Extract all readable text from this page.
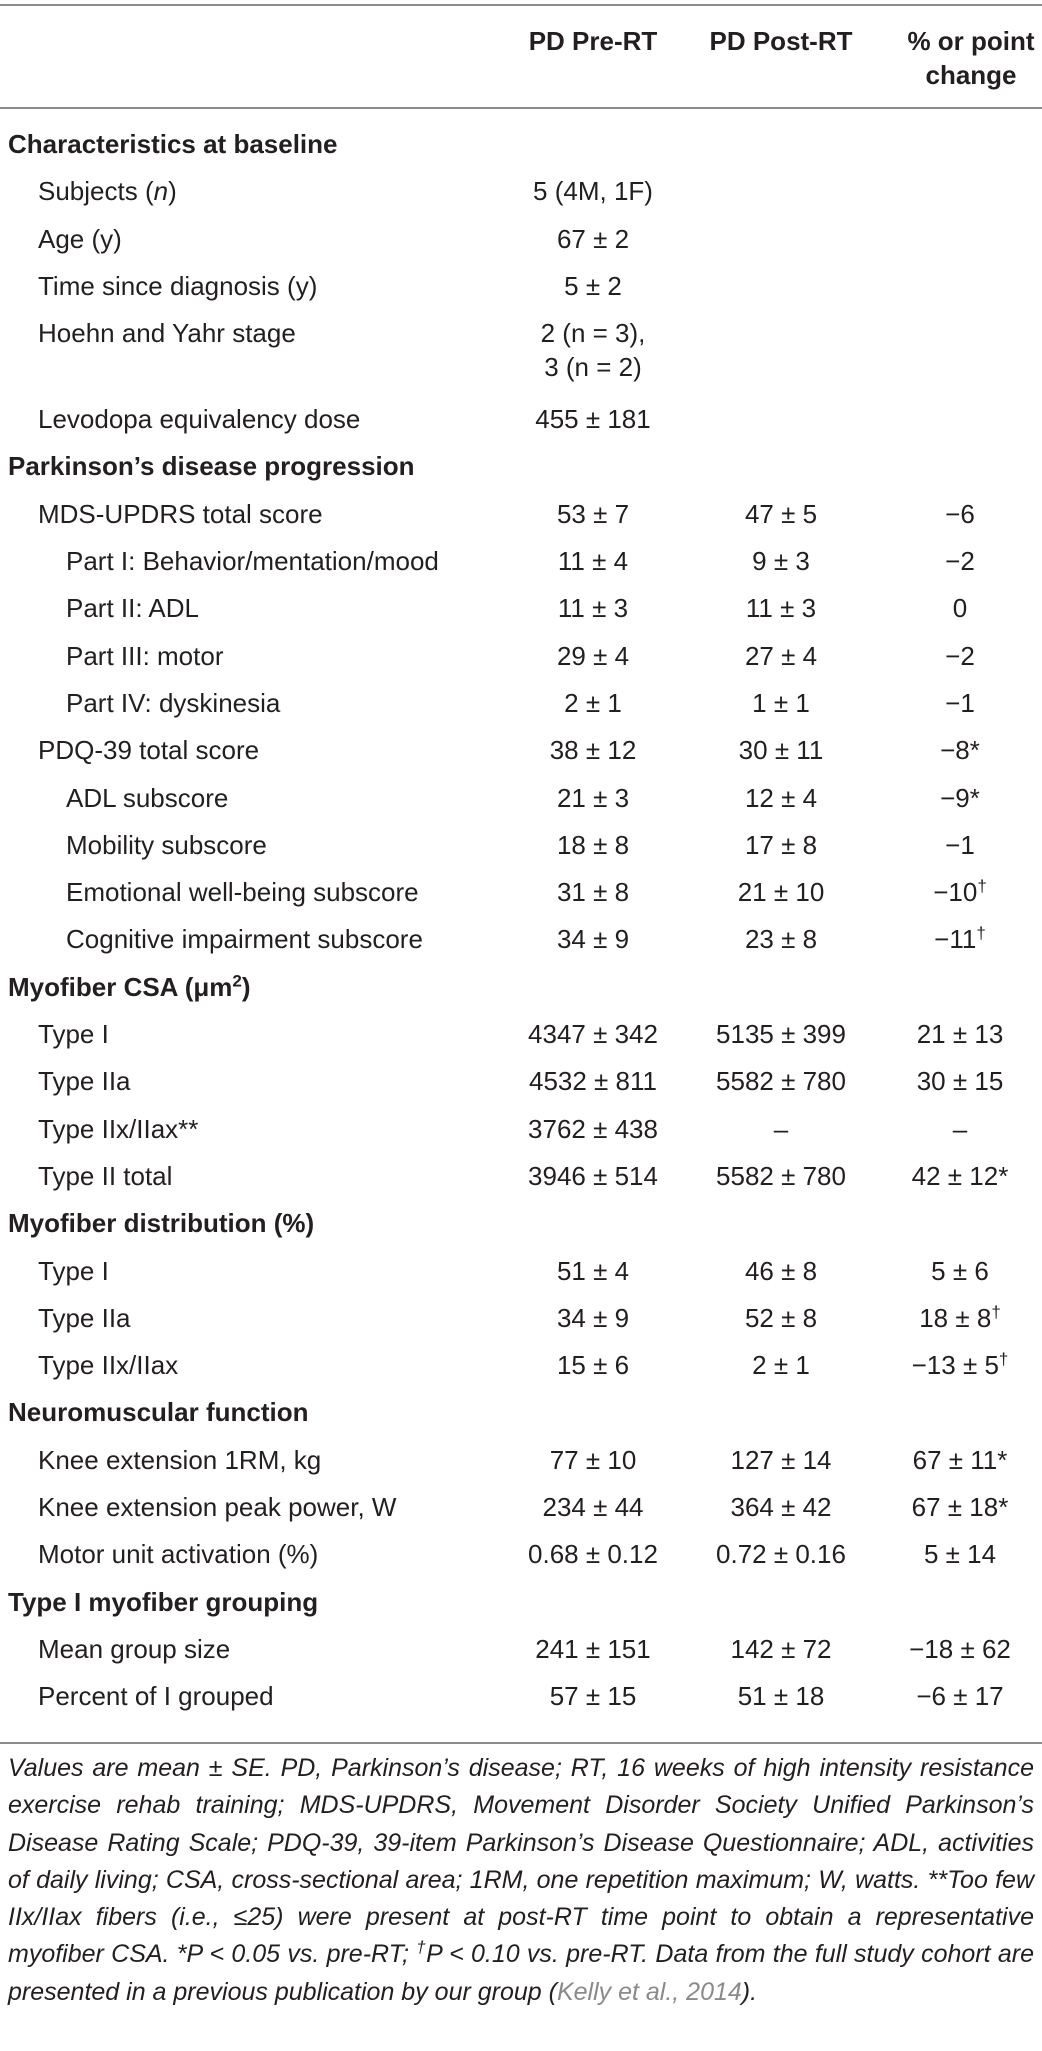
PD Pre-RT	PD Post-RT	% or point
change
Characteristics at baseline
Subjects (n)	5 (4M, 1F)
Age (y)	67 ± 2
Time since diagnosis (y)	5 ± 2
Hoehn and Yahr stage	2 (n = 3),
3 (n = 2)
Levodopa equivalency dose	455 ± 181
Parkinson’s disease progression
MDS-UPDRS total score	53 ± 7	47 ± 5	−6
Part I: Behavior/mentation/mood	11 ± 4	9 ± 3	−2
Part II: ADL	11 ± 3	11 ± 3	0
Part III: motor	29 ± 4	27 ± 4	−2
Part IV: dyskinesia	2 ± 1	1 ± 1	−1
PDQ-39 total score	38 ± 12	30 ± 11	−8*
ADL subscore	21 ± 3	12 ± 4	−9*
Mobility subscore	18 ± 8	17 ± 8	−1
Emotional well-being subscore	31 ± 8	21 ± 10	−10†
Cognitive impairment subscore	34 ± 9	23 ± 8	−11†
Myofiber CSA $(\mu m^2)$
Type I	4347 ± 342	5135 ± 399	21 ± 13
Type IIa	4532 ± 811	5582 ± 780	30 ± 15
Type IIx/IIax**	3762 ± 438	–	–
Type II total	3946 ± 514	5582 ± 780	42 ± 12*
Myofiber distribution (%)
Type I	51 ± 4	46 ± 8	5 ± 6
Type IIa	34 ± 9	52 ± 8	18 ± 8†
Type IIx/IIax	15 ± 6	2 ± 1	−13 ± 5†
Neuromuscular function
Knee extension 1RM, kg	77 ± 10	127 ± 14	67 ± 11*
Knee extension peak power, W	234 ± 44	364 ± 42	67 ± 18*
Motor unit activation (%)	0.68 ± 0.12	0.72 ± 0.16	5 ± 14
Type I myofiber grouping
Mean group size	241 ± 151	142 ± 72	−18 ± 62
Percent of I grouped	57 ± 15	51 ± 18	−6 ± 17
Values are mean ± SE. PD, Parkinson’s disease; RT, 16 weeks of high intensity resistance exercise rehab training; MDS-UPDRS, Movement Disorder Society Unified Parkinson’s Disease Rating Scale; PDQ-39, 39-item Parkinson’s Disease Questionnaire; ADL, activities of daily living; CSA, cross-sectional area; 1RM, one repetition maximum; W, watts. **Too few IIx/IIax fibers (i.e., ≤25) were present at post-RT time point to obtain a representative myofiber CSA. *P < 0.05 vs. pre-RT; †P < 0.10 vs. pre-RT. Data from the full study cohort are presented in a previous publication by our group (Kelly et al., 2014).
